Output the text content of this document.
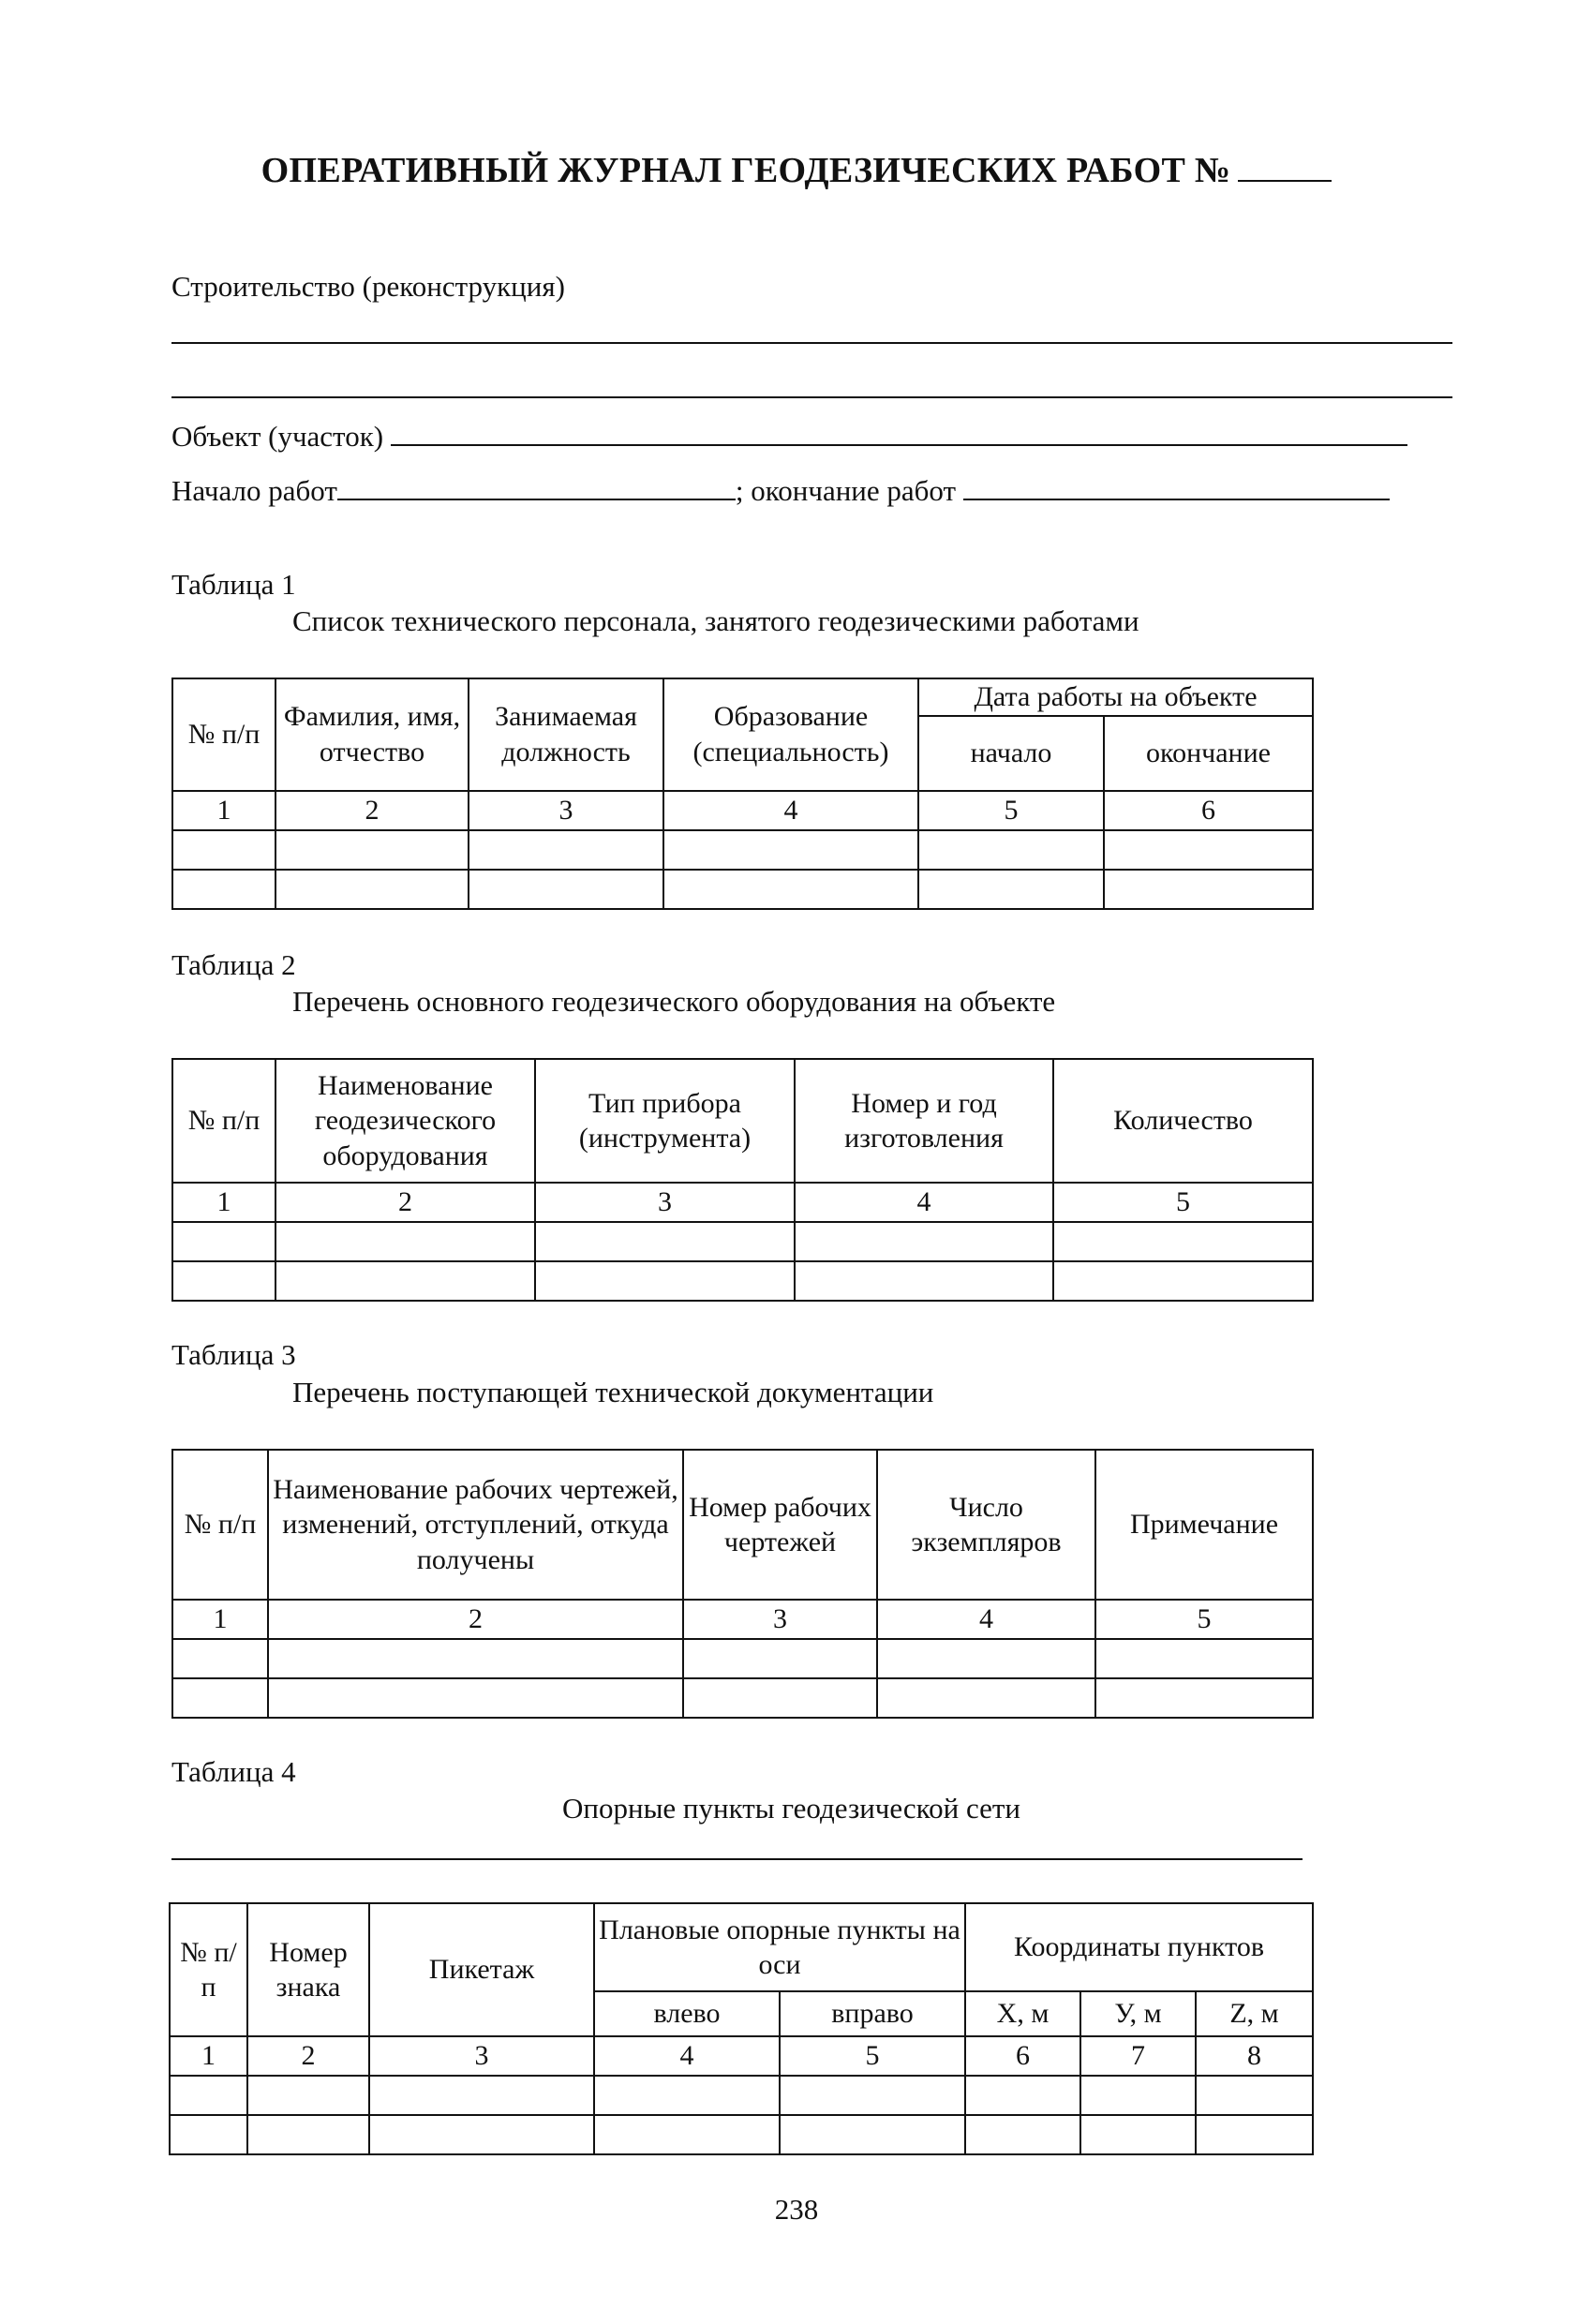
ОПЕРАТИВНЫЙ ЖУРНАЛ ГЕОДЕЗИЧЕСКИХ РАБОТ №
Строительство (реконструкция)
Объект (участок)
Начало работ	; окончание работ
Таблица 1
Список технического персонала, занятого геодезическими работами
№ п/п	Фамилия, имя, отчество	Занимаемая должность	Образование (специальность)	Дата работы на объекте	
				начало	окончание
1	2	3	4	5	6

Таблица 2
Перечень основного геодезического оборудования на объекте
№ п/п	Наименование геодезического оборудования	Тип прибора (инструмента)	Номер и год изготовления	Количество
1	2	3	4	5

Таблица 3
Перечень поступающей технической документации
№ п/п	Наименование рабочих чертежей, изменений, отступлений, откуда получены	Номер рабочих чертежей	Число экземпляров	Примечание
1	2	3	4	5

Таблица 4
Опорные пункты геодезической сети
№ п/п	Номер знака	Пикетаж	Плановые опорные пункты на оси		Координаты пунктов		
			влево	вправо	X, м	У, м	Z, м
1	2	3	4	5	6	7	8

238
